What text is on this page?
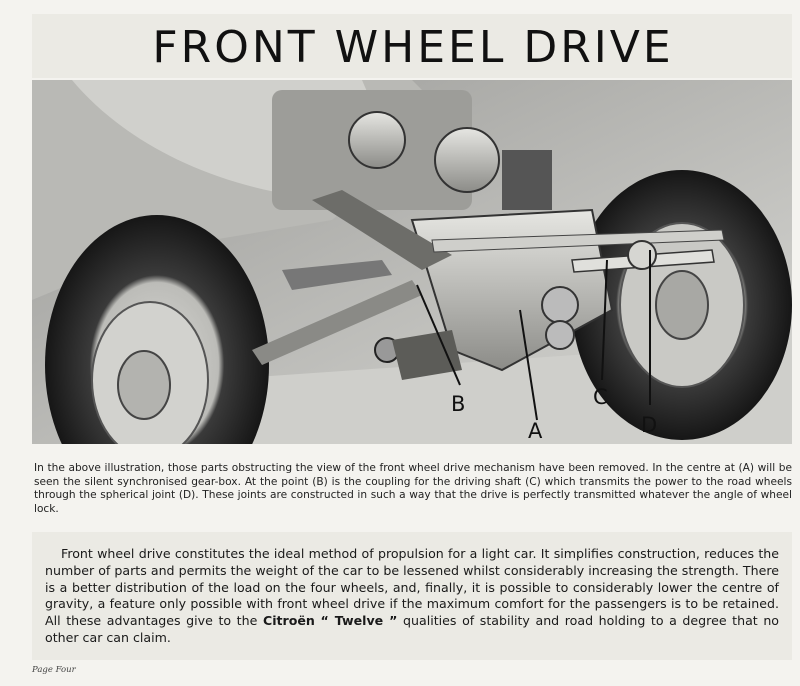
FRONT WHEEL DRIVE
B
A
C
D

In the above illustration, those parts obstructing the view of the front wheel drive mechanism have been removed. In the centre at (A) will be seen the silent synchronised gear-box. At the point (B) is the coupling for the driving shaft (C) which transmits the power to the road wheels through the spherical joint (D). These joints are constructed in such a way that the drive is perfectly transmitted whatever the angle of wheel lock.

Front wheel drive constitutes the ideal method of propulsion for a light car. It simplifies construction, reduces the number of parts and permits the weight of the car to be lessened whilst considerably increasing the strength. There is a better distribution of the load on the four wheels, and, finally, it is possible to considerably lower the centre of gravity, a feature only possible with front wheel drive if the maximum comfort for the passengers is to be retained. All these advantages give to the Citroën “ Twelve ” qualities of stability and road holding to a degree that no other car can claim.

Page Four
